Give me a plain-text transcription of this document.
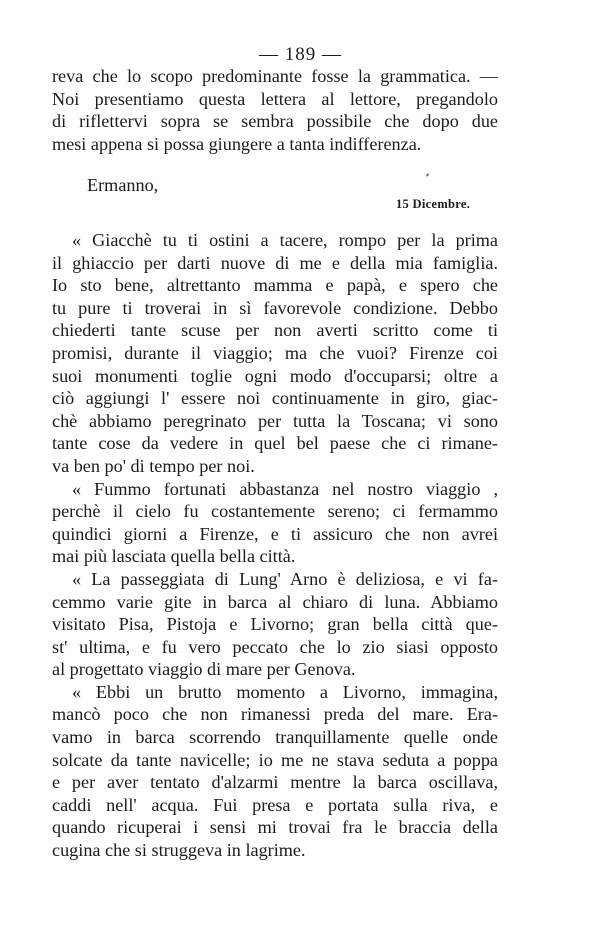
— 189 —
reva che lo scopo predominante fosse la grammatica. —
Noi presentiamo questa lettera al lettore, pregandolo
di riflettervi sopra se sembra possibile che dopo due
mesi appena si possa giungere a tanta indifferenza.
Ermanno,
15 Dicembre.
« Giacchè tu ti ostini a tacere, rompo per la prima
il ghiaccio per darti nuove di me e della mia famiglia.
Io sto bene, altrettanto mamma e papà, e spero che
tu pure ti troverai in sì favorevole condizione. Debbo
chiederti tante scuse per non averti scritto come ti
promisi, durante il viaggio; ma che vuoi? Firenze coi
suoi monumenti toglie ogni modo d'occuparsi; oltre a
ciò aggiungi l' essere noi continuamente in giro, giac-
chè abbiamo peregrinato per tutta la Toscana; vi sono
tante cose da vedere in quel bel paese che ci rimane-
va ben po' di tempo per noi.
« Fummo fortunati abbastanza nel nostro viaggio ,
perchè il cielo fu costantemente sereno; ci fermammo
quindici giorni a Firenze, e ti assicuro che non avrei
mai più lasciata quella bella città.
« La passeggiata di Lung' Arno è deliziosa, e vi fa-
cemmo varie gite in barca al chiaro di luna. Abbiamo
visitato Pisa, Pistoja e Livorno; gran bella città que-
st' ultima, e fu vero peccato che lo zio siasi opposto
al progettato viaggio di mare per Genova.
« Ebbi un brutto momento a Livorno, immagina,
mancò poco che non rimanessi preda del mare. Era-
vamo in barca scorrendo tranquillamente quelle onde
solcate da tante navicelle; io me ne stava seduta a poppa
e per aver tentato d'alzarmi mentre la barca oscillava,
caddi nell' acqua. Fui presa e portata sulla riva, e
quando ricuperai i sensi mi trovai fra le braccia della
cugina che si struggeva in lagrime.
